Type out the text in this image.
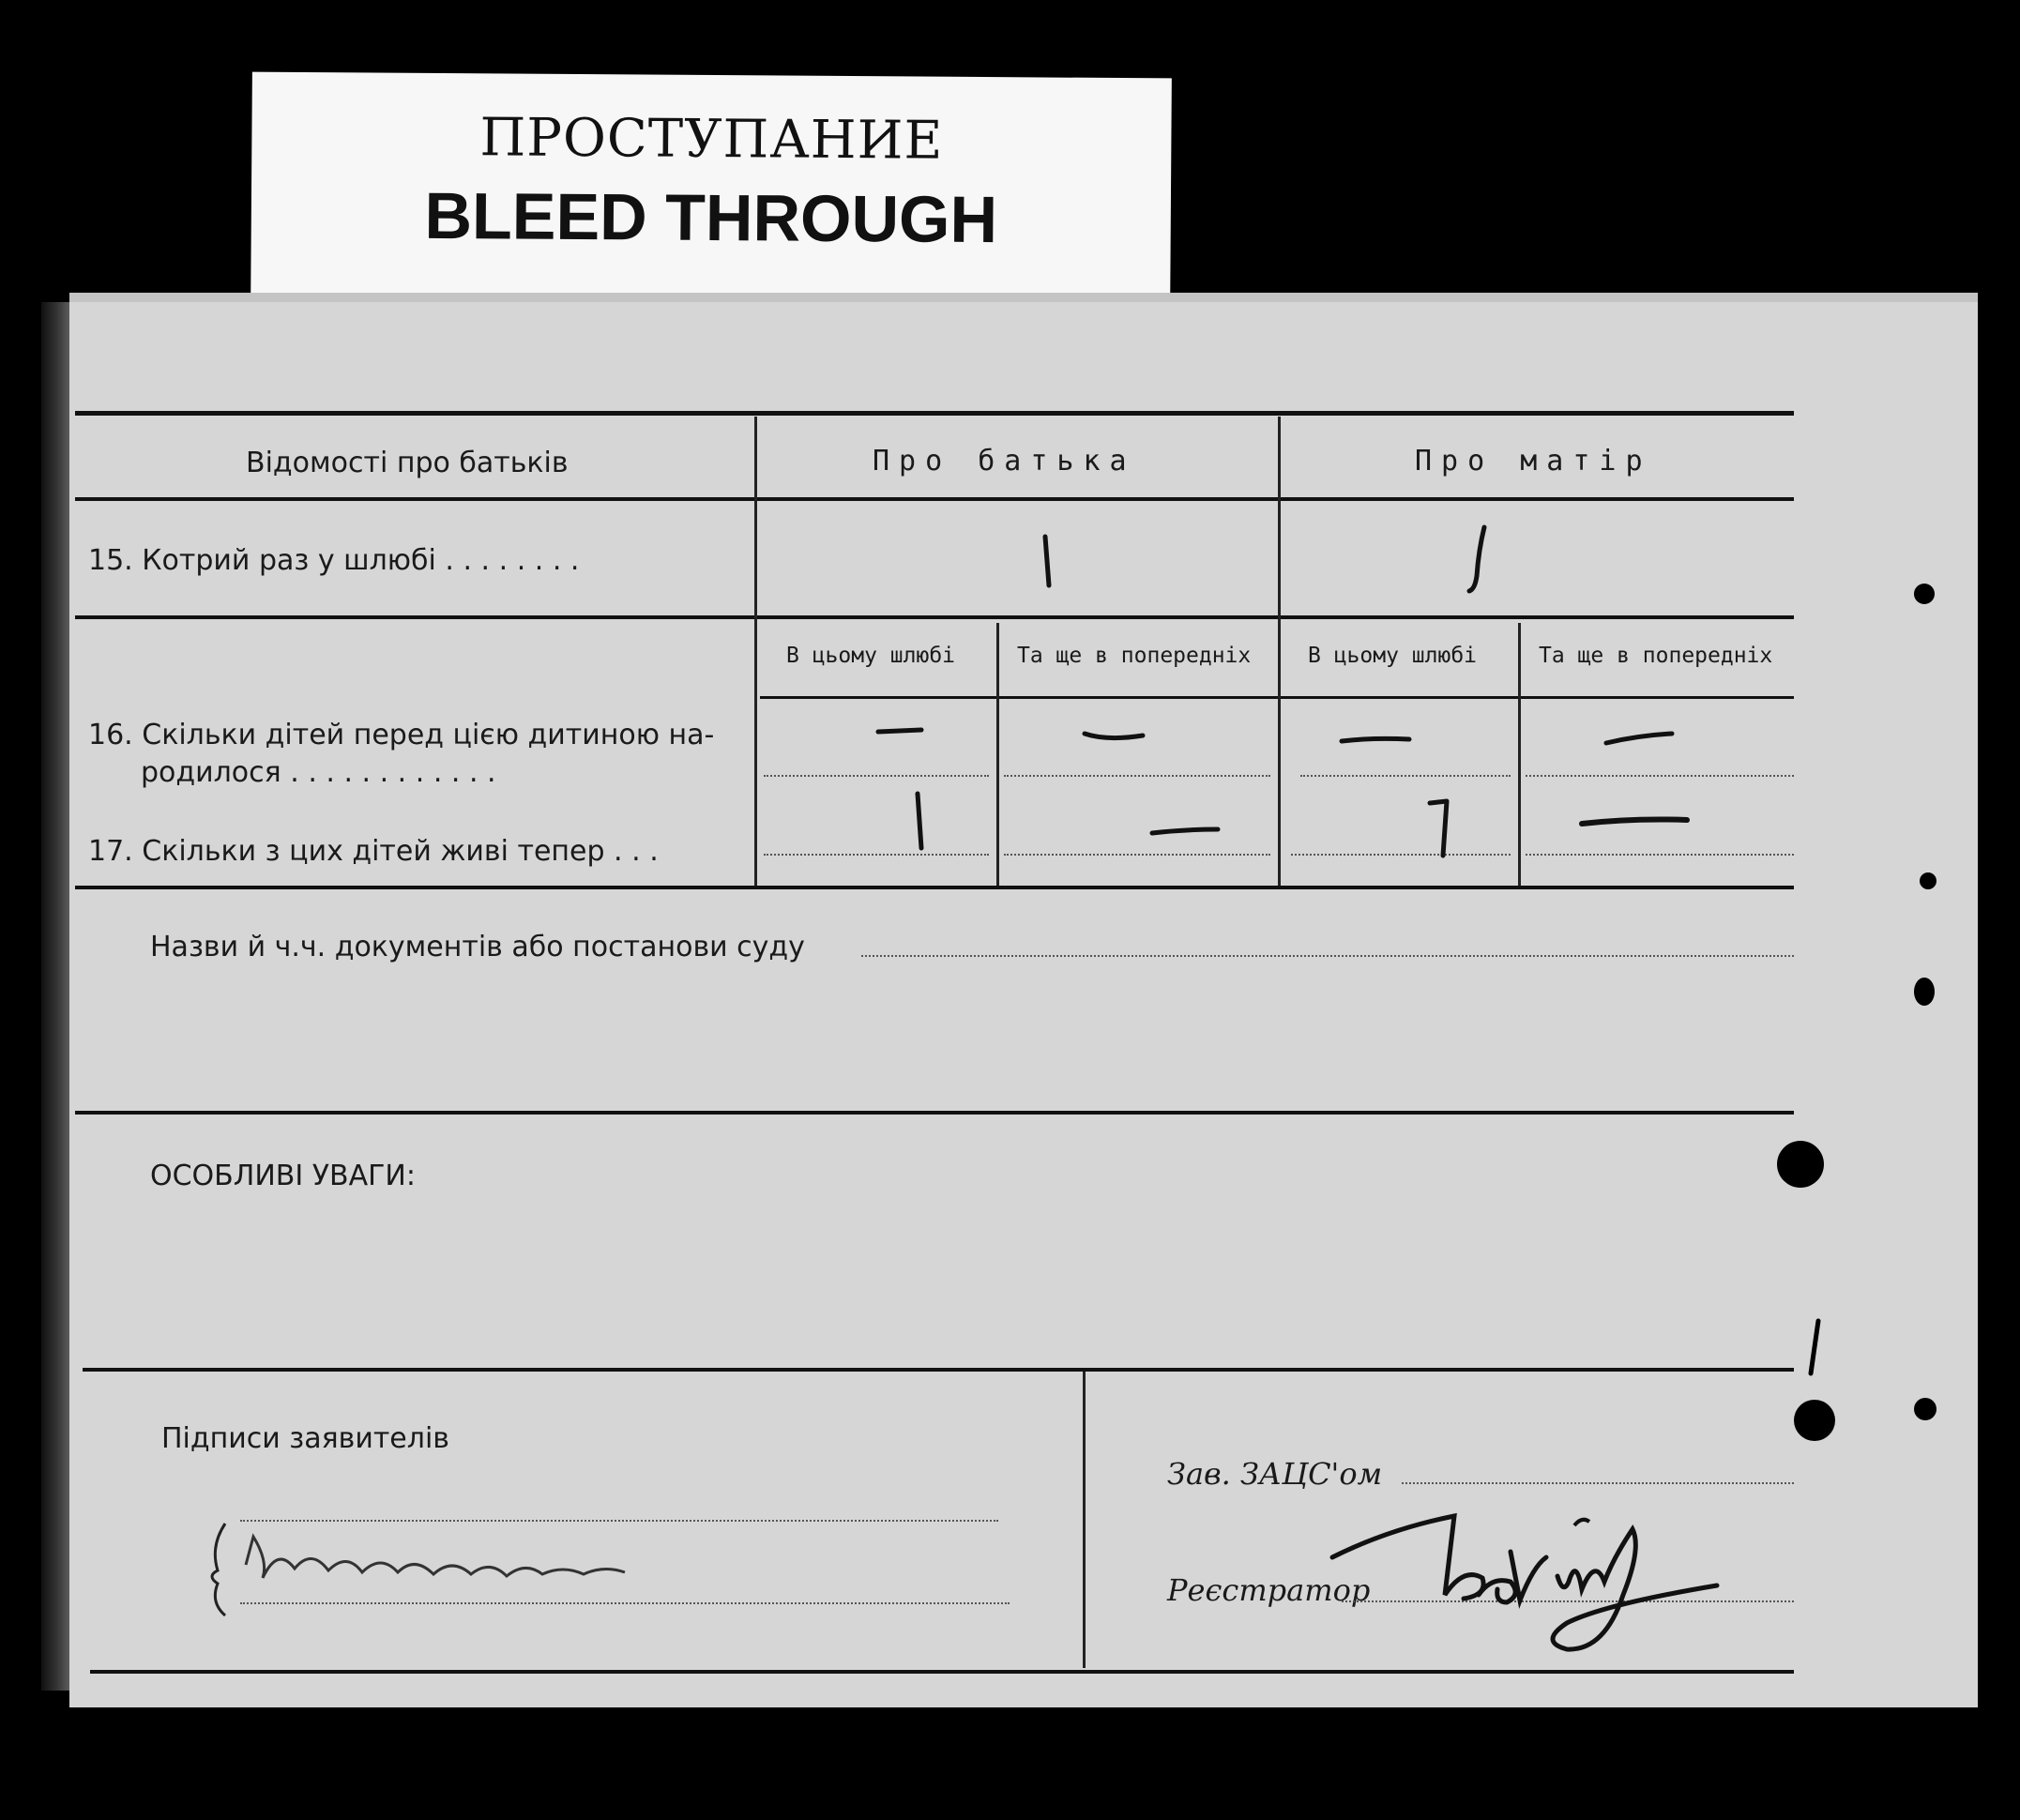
ПРОСТУПАНИЕ
BLEED THROUGH
Відомості про батьків	Про батька	Про матір
15. Котрий раз у шлюбі . . . . . . . .
В цьому шлюбі	Та ще в попередніх	В цьому шлюбі	Та ще в попередніх
16. Скільки дітей перед цією дитиною на-
родилося . . . . . . . . . . . .
17. Скільки з цих дітей живі тепер . . .
Назви й ч.ч. документів або постанови суду
ОСОБЛИВІ УВАГИ:
Підписи заявителів
Зав. ЗАЦС'ом
Реєстратор
